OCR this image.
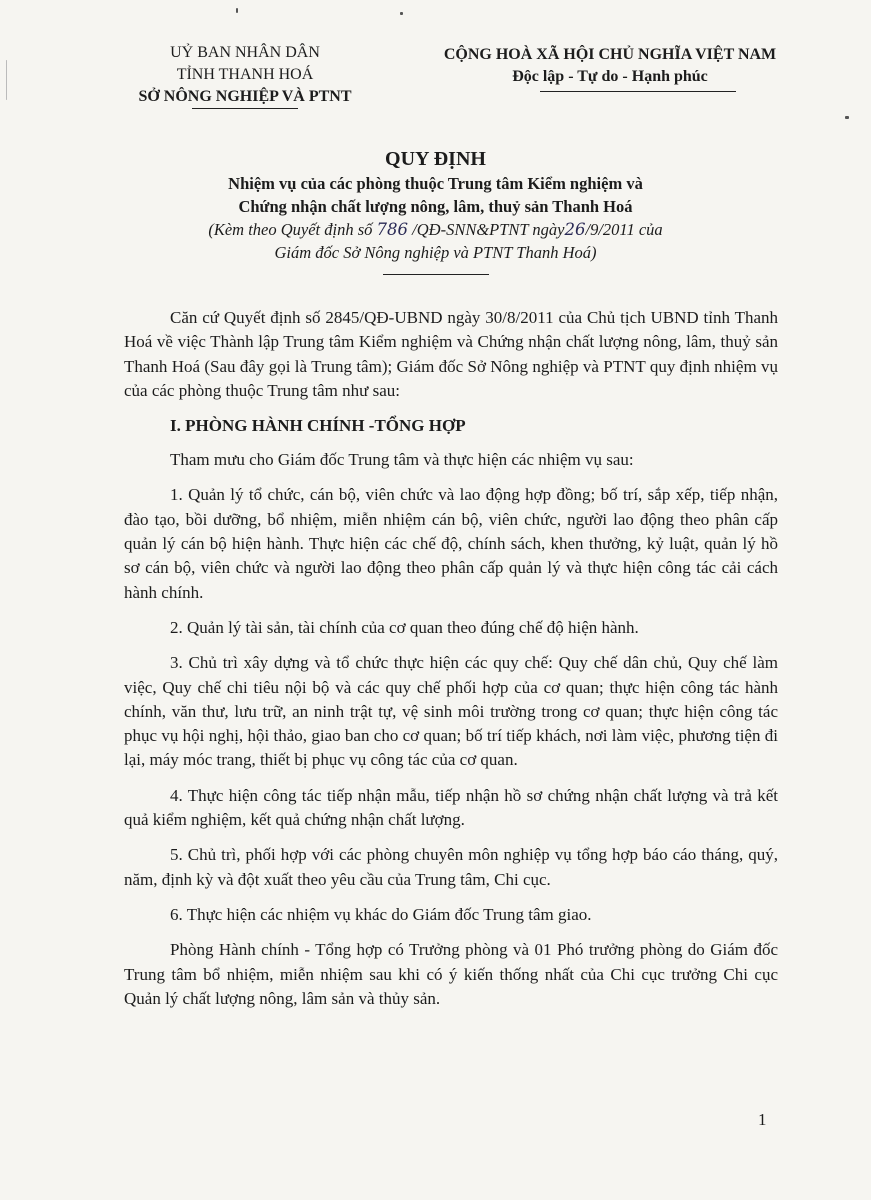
UỶ BAN NHÂN DÂN
TỈNH THANH HOÁ
SỞ NÔNG NGHIỆP VÀ PTNT
CỘNG HOÀ XÃ HỘI CHỦ NGHĨA VIỆT NAM
Độc lập - Tự do - Hạnh phúc
QUY ĐỊNH
Nhiệm vụ của các phòng thuộc Trung tâm Kiểm nghiệm và
Chứng nhận chất lượng nông, lâm, thuỷ sản Thanh Hoá
(Kèm theo Quyết định số 786 /QĐ-SNN&PTNT ngày26/9/2011 của
Giám đốc Sở Nông nghiệp và PTNT Thanh Hoá)

Căn cứ Quyết định số 2845/QĐ-UBND ngày 30/8/2011 của Chủ tịch UBND tỉnh Thanh Hoá về việc Thành lập Trung tâm Kiểm nghiệm và Chứng nhận chất lượng nông, lâm, thuỷ sản Thanh Hoá (Sau đây gọi là Trung tâm); Giám đốc Sở Nông nghiệp và PTNT quy định nhiệm vụ của các phòng thuộc Trung tâm như sau:

I. PHÒNG HÀNH CHÍNH -TỔNG HỢP

Tham mưu cho Giám đốc Trung tâm và thực hiện các nhiệm vụ sau:

1. Quản lý tổ chức, cán bộ, viên chức và lao động hợp đồng; bố trí, sắp xếp, tiếp nhận, đào tạo, bồi dưỡng, bổ nhiệm, miễn nhiệm cán bộ, viên chức, người lao động theo phân cấp quản lý cán bộ hiện hành. Thực hiện các chế độ, chính sách, khen thưởng, kỷ luật, quản lý hồ sơ cán bộ, viên chức và người lao động theo phân cấp quản lý và thực hiện công tác cải cách hành chính.

2. Quản lý tài sản, tài chính của cơ quan theo đúng chế độ hiện hành.

3. Chủ trì xây dựng và tổ chức thực hiện các quy chế: Quy chế dân chủ, Quy chế làm việc, Quy chế chi tiêu nội bộ và các quy chế phối hợp của cơ quan; thực hiện công tác hành chính, văn thư, lưu trữ, an ninh trật tự, vệ sinh môi trường trong cơ quan; thực hiện công tác phục vụ hội nghị, hội thảo, giao ban cho cơ quan; bố trí tiếp khách, nơi làm việc, phương tiện đi lại, máy móc trang, thiết bị phục vụ công tác của cơ quan.

4. Thực hiện công tác tiếp nhận mẫu, tiếp nhận hồ sơ chứng nhận chất lượng và trả kết quả kiểm nghiệm, kết quả chứng nhận chất lượng.

5. Chủ trì, phối hợp với các phòng chuyên môn nghiệp vụ tổng hợp báo cáo tháng, quý, năm, định kỳ và đột xuất theo yêu cầu của Trung tâm, Chi cục.

6. Thực hiện các nhiệm vụ khác do Giám đốc Trung tâm giao.

Phòng Hành chính - Tổng hợp có Trưởng phòng và 01 Phó trưởng phòng do Giám đốc Trung tâm bổ nhiệm, miễn nhiệm sau khi có ý kiến thống nhất của Chi cục trưởng Chi cục Quản lý chất lượng nông, lâm sản và thủy sản.

1
